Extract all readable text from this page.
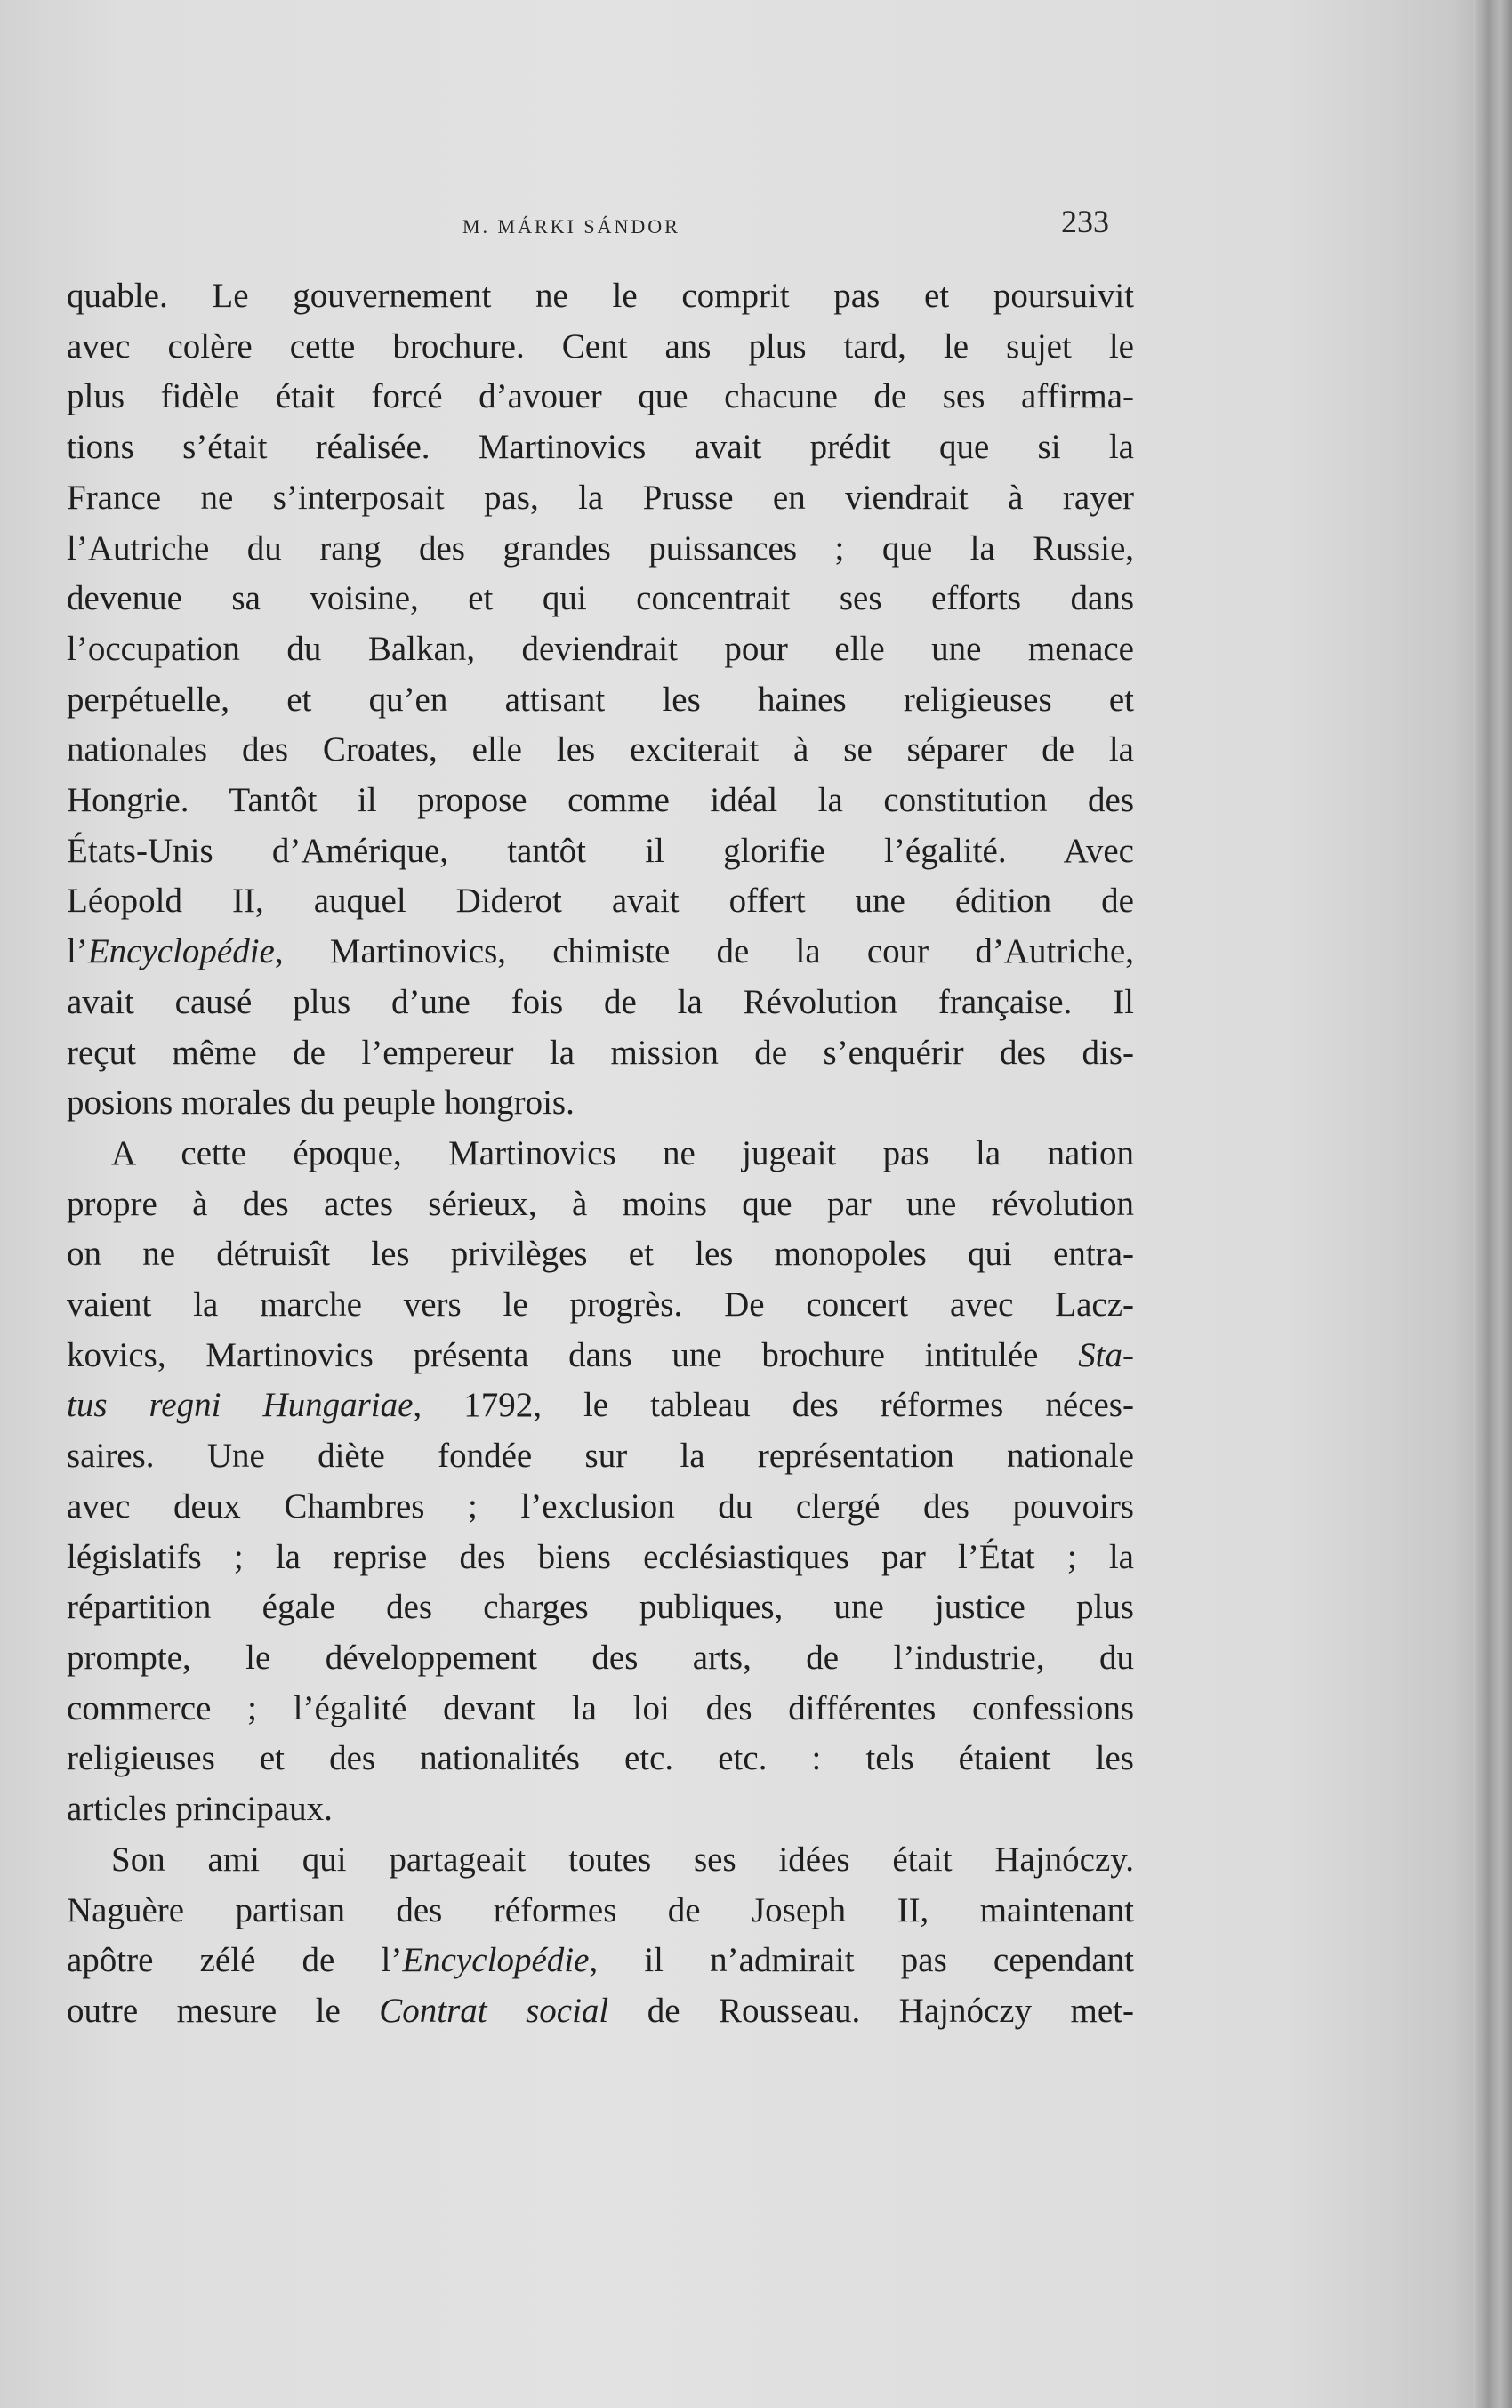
M. MÁRKI SÁNDOR	233

quable. Le gouvernement ne le comprit pas et poursuivit
avec colère cette brochure. Cent ans plus tard, le sujet le
plus fidèle était forcé d’avouer que chacune de ses affirma-
tions s’était réalisée. Martinovics avait prédit que si la
France ne s’interposait pas, la Prusse en viendrait à rayer
l’Autriche du rang des grandes puissances ; que la Russie,
devenue sa voisine, et qui concentrait ses efforts dans
l’occupation du Balkan, deviendrait pour elle une menace
perpétuelle, et qu’en attisant les haines religieuses et
nationales des Croates, elle les exciterait à se séparer de la
Hongrie. Tantôt il propose comme idéal la constitution des
États-Unis d’Amérique, tantôt il glorifie l’égalité. Avec
Léopold II, auquel Diderot avait offert une édition de
l’Encyclopédie, Martinovics, chimiste de la cour d’Autriche,
avait causé plus d’une fois de la Révolution française. Il
reçut même de l’empereur la mission de s’enquérir des dis-
posions morales du peuple hongrois.

A cette époque, Martinovics ne jugeait pas la nation
propre à des actes sérieux, à moins que par une révolution
on ne détruisît les privilèges et les monopoles qui entra-
vaient la marche vers le progrès. De concert avec Lacz-
kovics, Martinovics présenta dans une brochure intitulée Sta-
tus regni Hungariae, 1792, le tableau des réformes néces-
saires. Une diète fondée sur la représentation nationale
avec deux Chambres ; l’exclusion du clergé des pouvoirs
législatifs ; la reprise des biens ecclésiastiques par l’État ; la
répartition égale des charges publiques, une justice plus
prompte, le développement des arts, de l’industrie, du
commerce ; l’égalité devant la loi des différentes confessions
religieuses et des nationalités etc. etc. : tels étaient les
articles principaux.

Son ami qui partageait toutes ses idées était Hajnóczy.
Naguère partisan des réformes de Joseph II, maintenant
apôtre zélé de l’Encyclopédie, il n’admirait pas cependant
outre mesure le Contrat social de Rousseau. Hajnóczy met-
